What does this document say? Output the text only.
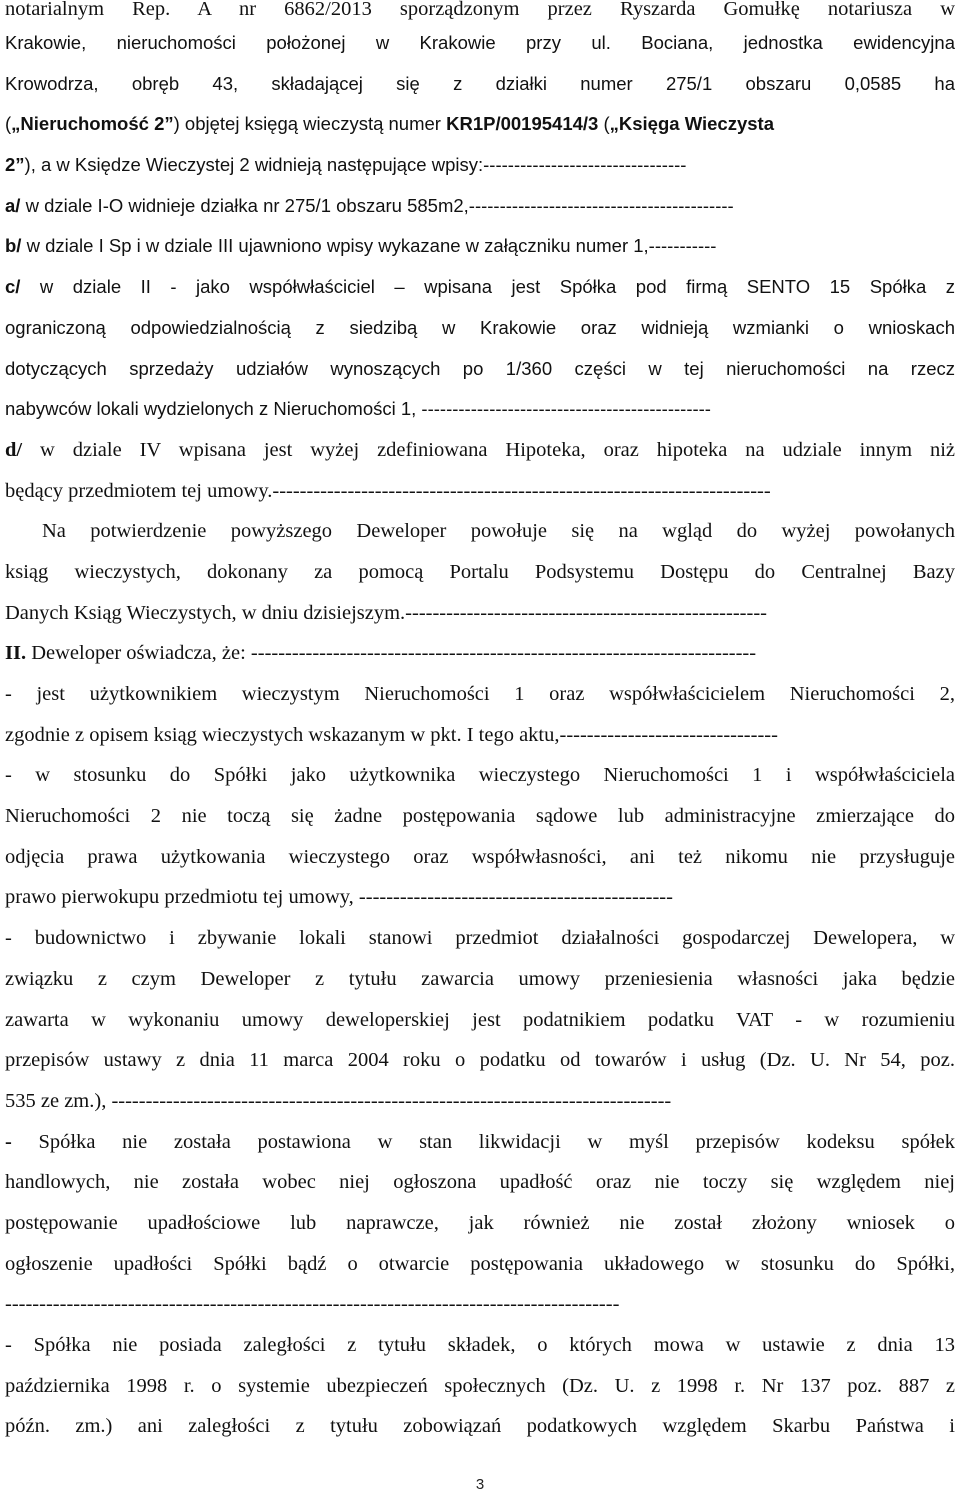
notarialnym Rep. A nr 6862/2013 sporządzonym przez Ryszarda Gomułkę notariusza w
Krakowie, nieruchomości położonej w Krakowie przy ul. Bociana, jednostka ewidencyjna
Krowodrza, obręb 43, składającej się z działki numer 275/1 obszaru 0,0585 ha
(„Nieruchomość 2”) objętej księgą wieczystą numer KR1P/00195414/3 („Księga Wieczysta
2”), a w Księdze Wieczystej 2 widnieją następujące wpisy:---------------------------------
a/ w dziale I-O widnieje działka nr 275/1 obszaru 585m2,-------------------------------------------
b/ w dziale I Sp i w dziale III ujawniono wpisy wykazane w załączniku numer 1,-----------
c/ w dziale II - jako współwłaściciel – wpisana jest Spółka pod firmą SENTO 15 Spółka z
ograniczoną odpowiedzialnością z siedzibą w Krakowie oraz widnieją wzmianki o wnioskach
dotyczących sprzedaży udziałów wynoszących po 1/360 części w tej nieruchomości na rzecz
nabywców lokali wydzielonych z Nieruchomości 1, -----------------------------------------------
d/ w dziale IV wpisana jest wyżej zdefiniowana Hipoteka, oraz hipoteka na udziale innym niż
będący przedmiotem tej umowy.-------------------------------------------------------------------------
Na potwierdzenie powyższego Deweloper powołuje się na wgląd do wyżej powołanych
ksiąg wieczystych, dokonany za pomocą Portalu Podsystemu Dostępu do Centralnej Bazy
Danych Ksiąg Wieczystych, w dniu dzisiejszym.-----------------------------------------------------
II. Deweloper oświadcza, że: --------------------------------------------------------------------------
- jest użytkownikiem wieczystym Nieruchomości 1 oraz współwłaścicielem Nieruchomości 2,
zgodnie z opisem ksiąg wieczystych wskazanym w pkt. I tego aktu,--------------------------------
- w stosunku do Spółki jako użytkownika wieczystego Nieruchomości 1 i współwłaściciela
Nieruchomości 2 nie toczą się żadne postępowania sądowe lub administracyjne zmierzające do
odjęcia prawa użytkowania wieczystego oraz współwłasności, ani też nikomu nie przysługuje
prawo pierwokupu przedmiotu tej umowy, ----------------------------------------------
- budownictwo i zbywanie lokali stanowi przedmiot działalności gospodarczej Dewelopera, w
związku z czym Deweloper z tytułu zawarcia umowy przeniesienia własności jaka będzie
zawarta w wykonaniu umowy deweloperskiej jest podatnikiem podatku VAT - w rozumieniu
przepisów ustawy z dnia 11 marca 2004 roku o podatku od towarów i usług (Dz. U. Nr 54, poz.
535 ze zm.), ----------------------------------------------------------------------------------
- Spółka nie została postawiona w stan likwidacji w myśl przepisów kodeksu spółek
handlowych, nie została wobec niej ogłoszona upadłość oraz nie toczy się względem niej
postępowanie upadłościowe lub naprawcze, jak również nie został złożony wniosek o
ogłoszenie upadłości Spółki bądź o otwarcie postępowania układowego w stosunku do Spółki,
------------------------------------------------------------------------------------------
- Spółka nie posiada zaległości z tytułu składek, o których mowa w ustawie z dnia 13
października 1998 r. o systemie ubezpieczeń społecznych (Dz. U. z 1998 r. Nr 137 poz. 887 z
późn. zm.) ani zaległości z tytułu zobowiązań podatkowych względem Skarbu Państwa i
3
